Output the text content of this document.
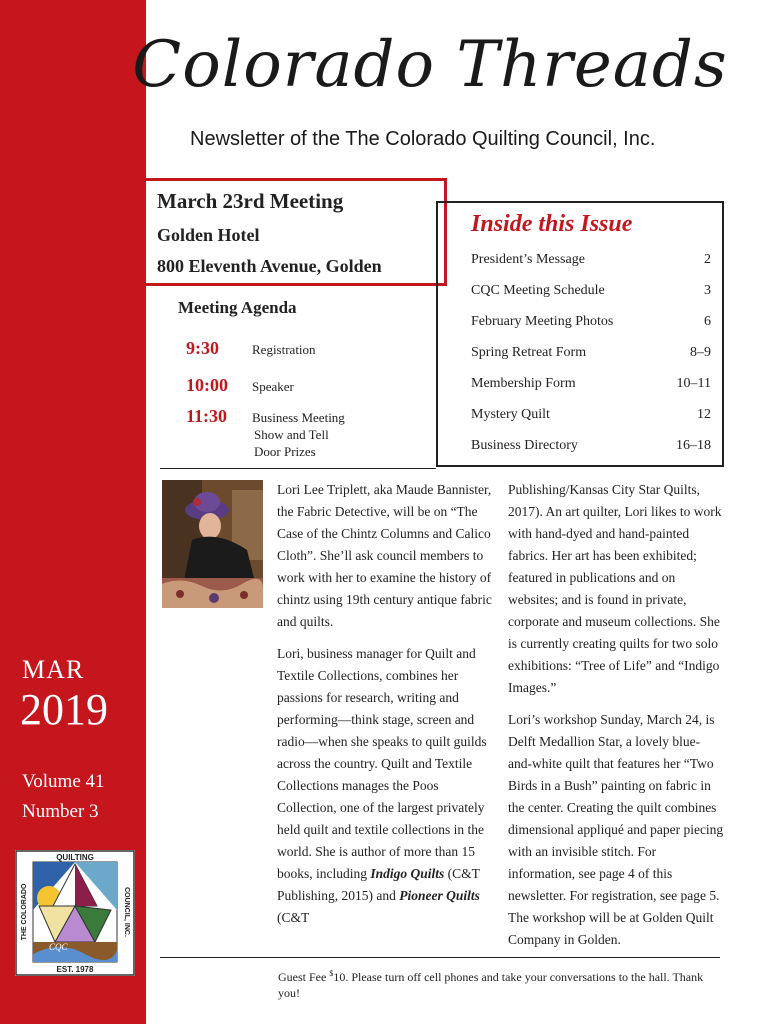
MAR
2019
Volume 41
Number 3
QUILTING
EST. 1978
THE COLORADO	COUNCIL, INC.
CQC
Colorado Threads
Newsletter of the The Colorado Quilting Council, Inc.
March 23rd Meeting
Golden Hotel
800 Eleventh Avenue, Golden
Meeting Agenda
9:30	Registration
10:00 Speaker
11:30 Business Meeting
Show and Tell
Door Prizes
Inside this Issue
President’s Message	2
CQC Meeting Schedule	3
February Meeting Photos	6
Spring Retreat Form	8–9
Membership Form	10–11
Mystery Quilt	12
Business Directory	16–18

Lori Lee Triplett, aka Maude Bannister, the Fabric Detective, will be on “The Case of the Chintz Columns and Calico Cloth”. She’ll ask council members to work with her to examine the history of chintz using 19th century antique fabric and quilts.

Lori, business manager for Quilt and Textile Collections, combines her passions for research, writing and performing—think stage, screen and radio—when she speaks to quilt guilds across the country. Quilt and Textile Collections manages the Poos Collection, one of the largest privately held quilt and textile collections in the world. She is author of more than 15 books, including Indigo Quilts (C&T Publishing, 2015) and Pioneer Quilts (C&T

Publishing/Kansas City Star Quilts, 2017). An art quilter, Lori likes to work with hand-dyed and hand-painted fabrics. Her art has been exhibited; featured in publications and on websites; and is found in private, corporate and museum collections. She is currently creating quilts for two solo exhibitions: “Tree of Life” and “Indigo Images.”

Lori’s workshop Sunday, March 24, is Delft Medallion Star, a lovely blue-and-white quilt that features her “Two Birds in a Bush” painting on fabric in the center. Creating the quilt combines dimensional appliqué and paper piecing with an invisible stitch. For information, see page 4 of this newsletter. For registration, see page 5. The workshop will be at Golden Quilt Company in Golden.

Guest Fee $10. Please turn off cell phones and take your conversations to the hall. Thank you!
